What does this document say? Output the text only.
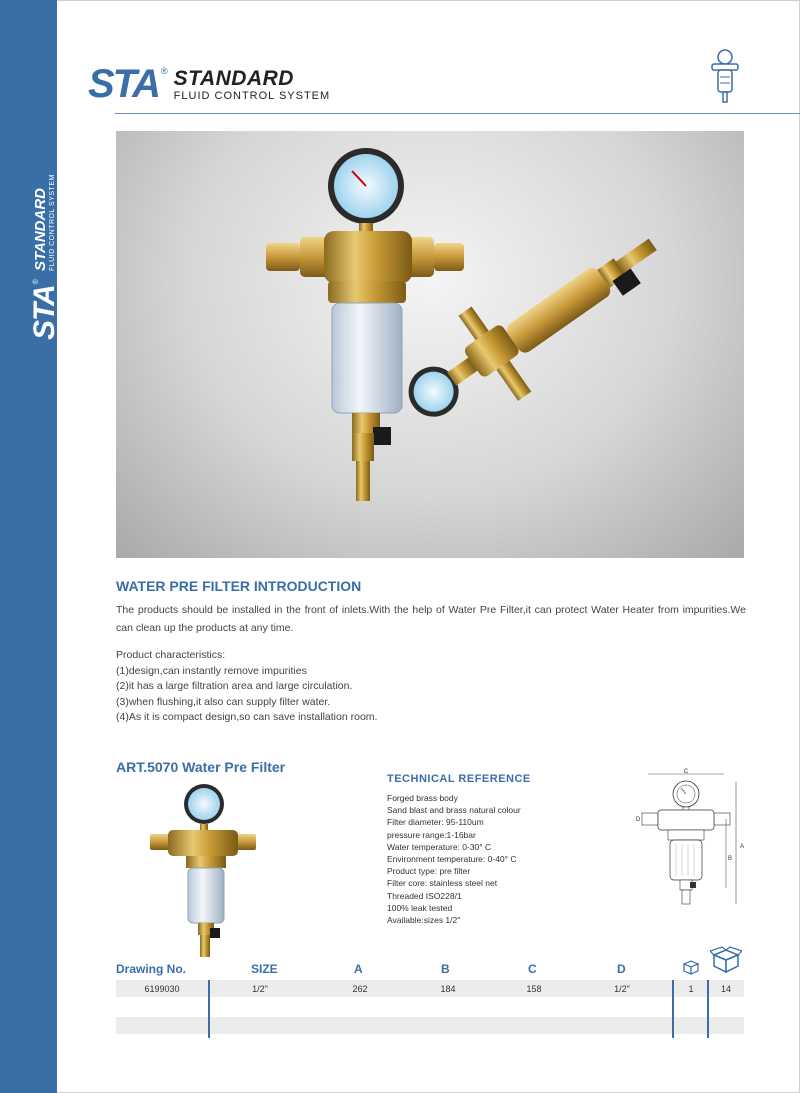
STA
®
STANDARD FLUID CONTROL SYSTEM
STA ® STANDARD
FLUID CONTROL SYSTEM
WATER PRE FILTER INTRODUCTION

The products should be installed in the front of inlets.With the help of Water Pre Filter,it can protect Water Heater from impurities.We can clean up the products at any time.

Product characteristics:
(1)design,can instantly remove impurities
(2)it has a large filtration area and large circulation.
(3)when flushing,it also can supply filter water.
(4)As it is compact design,so can save installation room.
ART.5070 Water Pre Filter
TECHNICAL REFERENCE
Forged brass body
Sand blast and brass natural colour
Filter diameter: 95-110um
pressure range:1-16bar
Water temperature: 0-30° C
Environment temperature: 0-40° C
Product type: pre filter
Filter core: stainless steel net
Threaded ISO228/1
100% leak tested
Available:sizes 1/2"
C
A
B
D
Drawing No.	SIZE	A	B	C	D
6199030	1/2"	262	184	158	1/2"	1	14
